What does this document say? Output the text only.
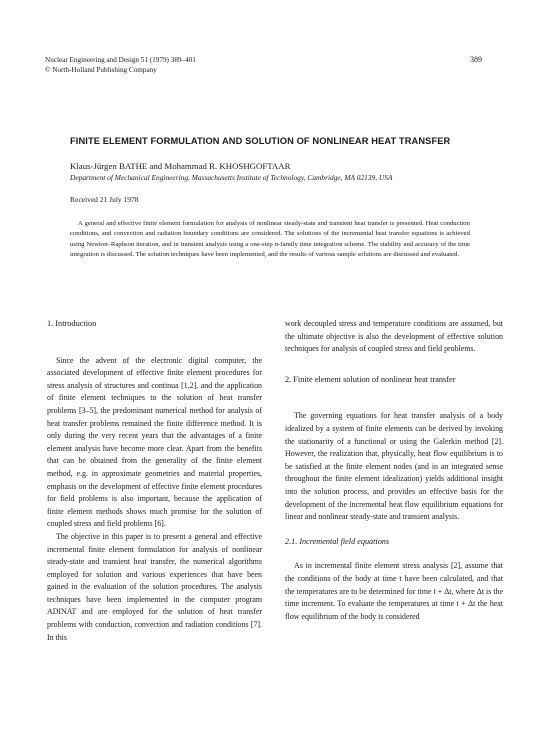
Nuclear Engineering and Design 51 (1979) 389–401
© North-Holland Publishing Company
389
FINITE ELEMENT FORMULATION AND SOLUTION OF NONLINEAR HEAT TRANSFER
Klaus-Jürgen BATHE and Mohammad R. KHOSHGOFTAAR
Department of Mechanical Engineering, Massachusetts Institute of Technology, Cambridge, MA 02139, USA
Received 21 July 1978
A general and effective finite element formulation for analysis of nonlinear steady-state and transient heat transfer is presented. Heat conduction conditions, and convection and radiation boundary conditions are considered. The solutions of the incremental heat transfer equations is achieved using Newton–Raphson iteration, and in transient analysis using a one-step α-family time integration scheme. The stability and accuracy of the time integration is discussed. The solution techniques have been implemented, and the results of various sample solutions are discussed and evaluated.
1. Introduction

Since the advent of the electronic digital computer, the associated development of effective finite element procedures for stress analysis of structures and continua [1,2], and the application of finite element techniques to the solution of heat transfer problems [3–5], the predominant numerical method for analysis of heat transfer problems remained the finite difference method. It is only during the very recent years that the advantages of a finite element analysis have become more clear. Apart from the benefits that can be obtained from the generality of the finite element method, e.g. in approximate geometries and material properties, emphasis on the development of effective finite element procedures for field problems is also important, because the application of finite element methods shows much promise for the solution of coupled stress and field problems [6].

The objective in this paper is to present a general and effective incremental finite element formulation for analysis of nonlinear steady-state and transient heat transfer, the numerical algorithms employed for solution and various experiences that have been gained in the evaluation of the solution procedures. The analysis techniques have been implemented in the computer program ADINAT and are employed for the solution of heat transfer problems with conduction, convection and radiation conditions [7]. In this

work decoupled stress and temperature conditions are assumed, but the ultimate objective is also the development of effective solution techniques for analysis of coupled stress and field problems.

2. Finite element solution of nonlinear heat transfer

The governing equations for heat transfer analysis of a body idealized by a system of finite elements can be derived by invoking the stationarity of a functional or using the Galerkin method [2]. However, the realization that, physically, heat flow equilibrium is to be satisfied at the finite element nodes (and in an integrated sense throughout the finite element idealization) yields additional insight into the solution process, and provides an effective basis for the development of the incremental heat flow equilibrium equations for linear and nonlinear steady-state and transient analysis.

2.1. Incremental field equations

As in incremental finite element stress analysis [2], assume that the conditions of the body at time t have been calculated, and that the temperatures are to be determined for time t + Δt, where Δt is the time increment. To evaluate the temperatures at time t + Δt the heat flow equilibrium of the body is considered
